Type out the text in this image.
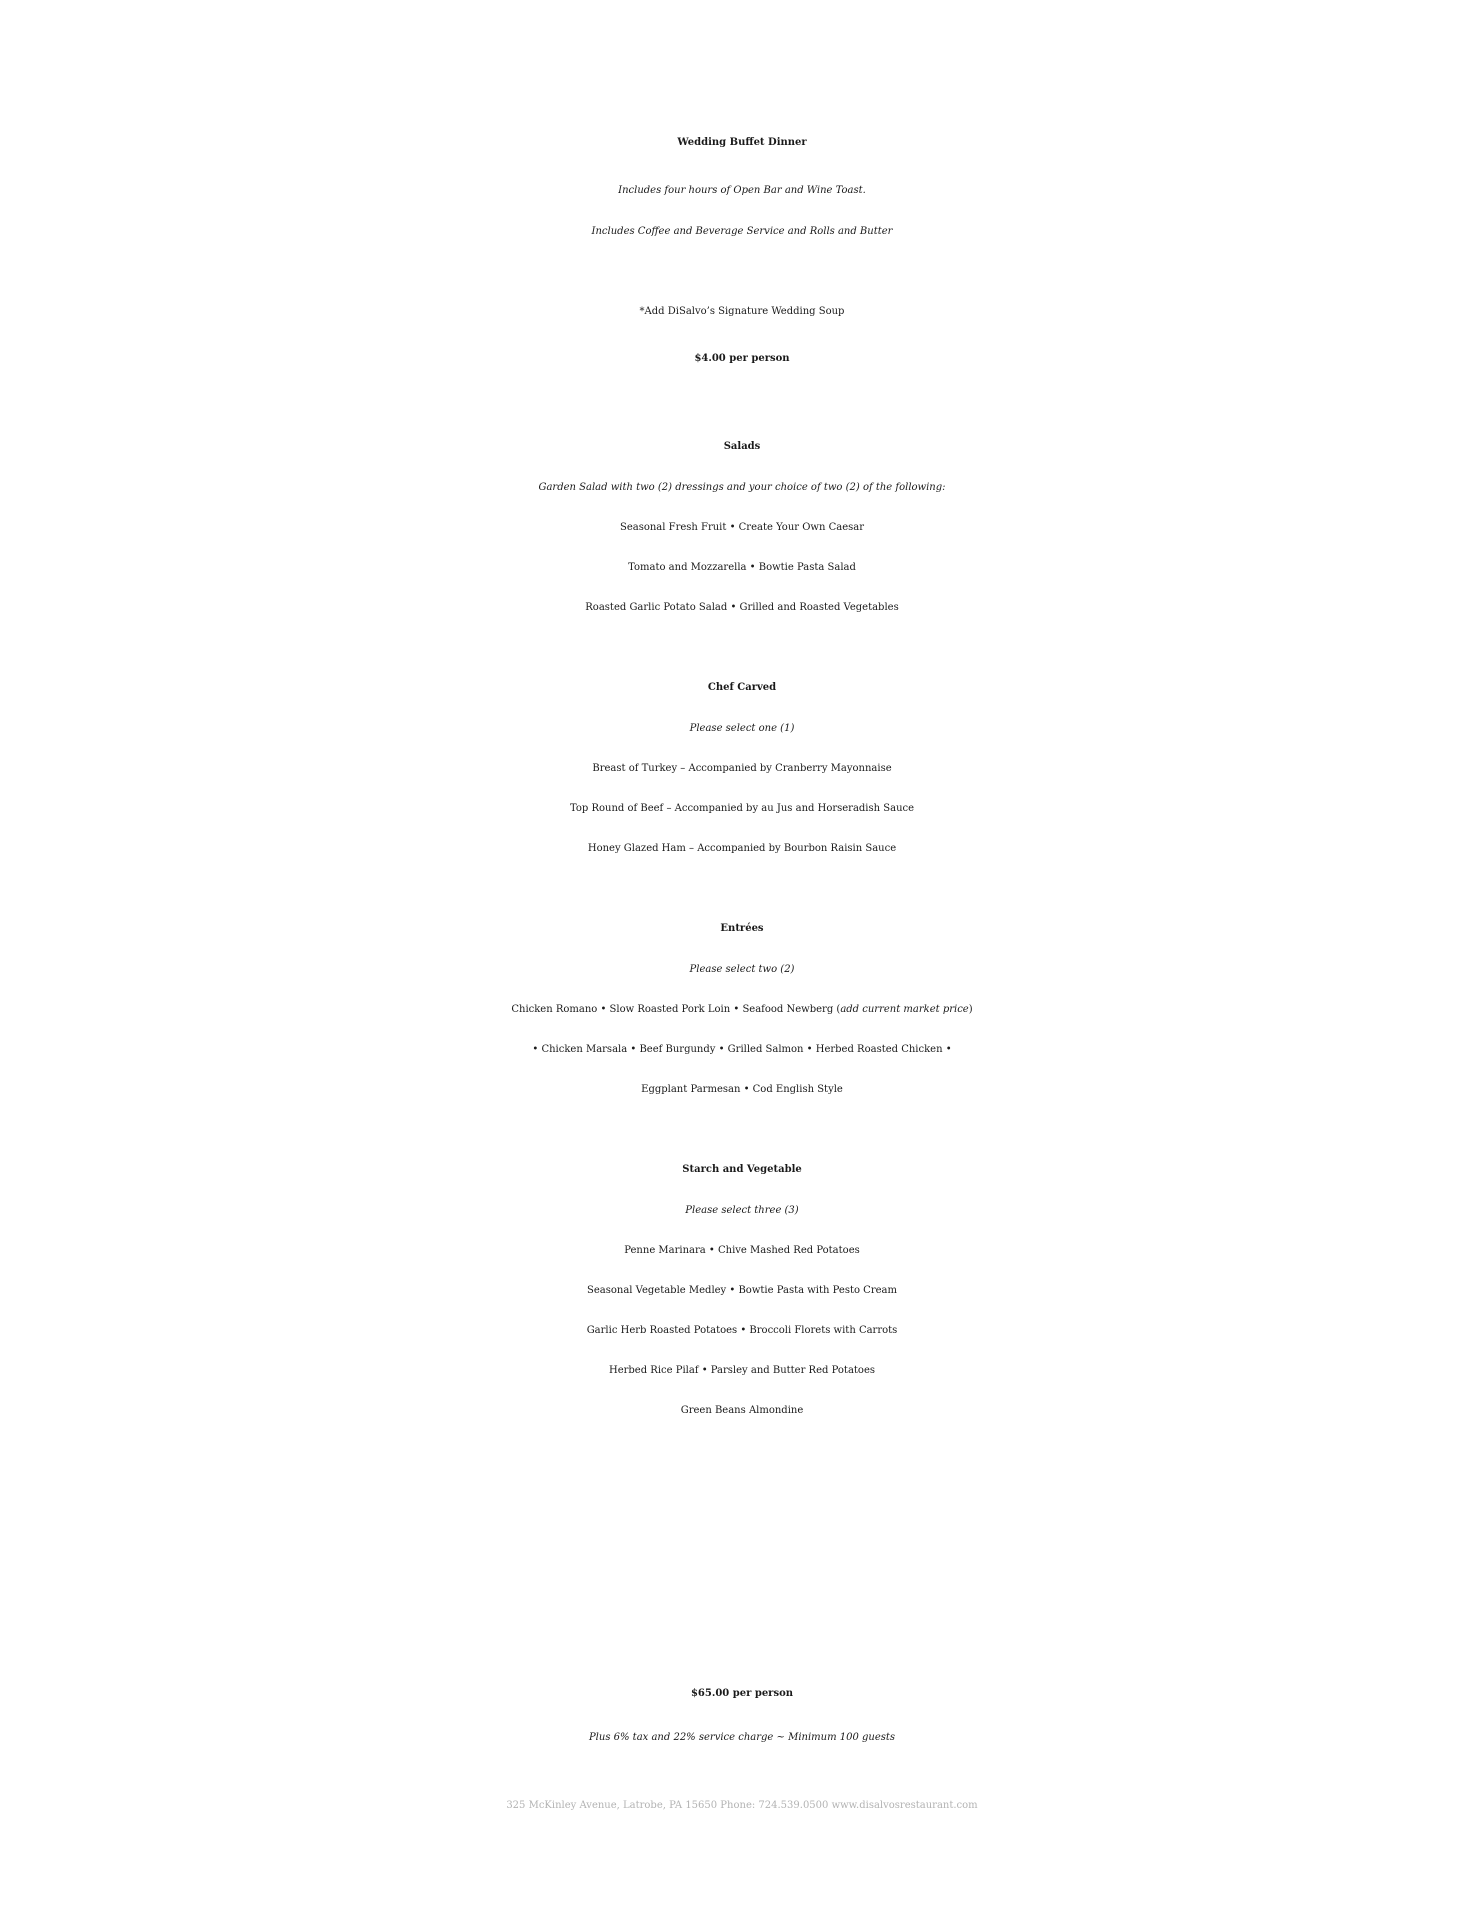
Wedding Buffet Dinner
Includes four hours of Open Bar and Wine Toast.
Includes Coffee and Beverage Service and Rolls and Butter
*Add DiSalvo’s Signature Wedding Soup
$4.00 per person
Salads
Garden Salad with two (2) dressings and your choice of two (2) of the following:
Seasonal Fresh Fruit • Create Your Own Caesar
Tomato and Mozzarella • Bowtie Pasta Salad
Roasted Garlic Potato Salad • Grilled and Roasted Vegetables
Chef Carved
Please select one (1)
Breast of Turkey – Accompanied by Cranberry Mayonnaise
Top Round of Beef – Accompanied by au Jus and Horseradish Sauce
Honey Glazed Ham – Accompanied by Bourbon Raisin Sauce
Entrées
Please select two (2)
Chicken Romano • Slow Roasted Pork Loin • Seafood Newberg (add current market price)
• Chicken Marsala • Beef Burgundy • Grilled Salmon • Herbed Roasted Chicken •
Eggplant Parmesan • Cod English Style
Starch and Vegetable
Please select three (3)
Penne Marinara • Chive Mashed Red Potatoes
Seasonal Vegetable Medley • Bowtie Pasta with Pesto Cream
Garlic Herb Roasted Potatoes • Broccoli Florets with Carrots
Herbed Rice Pilaf • Parsley and Butter Red Potatoes
Green Beans Almondine
$65.00 per person
Plus 6% tax and 22% service charge ~ Minimum 100 guests
325 McKinley Avenue, Latrobe, PA 15650 Phone: 724.539.0500 www.disalvosrestaurant.com
